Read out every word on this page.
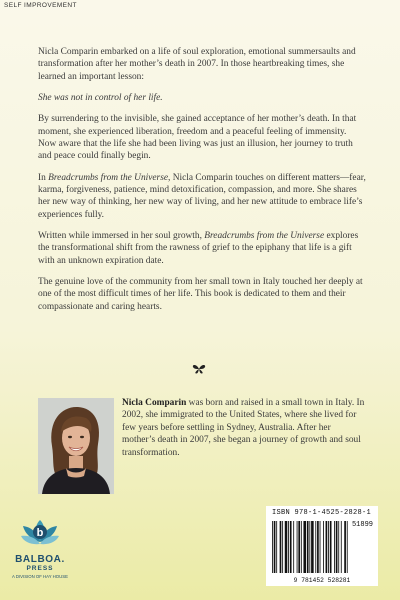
SELF IMPROVEMENT

Nicla Comparin embarked on a life of soul exploration, emotional summersaults and transformation after her mother’s death in 2007. In those heartbreaking times, she learned an important lesson:

She was not in control of her life.

By surrendering to the invisible, she gained acceptance of her mother’s death. In that moment, she experienced liberation, freedom and a peaceful feeling of immensity. Now aware that the life she had been living was just an illusion, her journey to truth and peace could finally begin.

In Breadcrumbs from the Universe, Nicla Comparin touches on different matters—fear, karma, forgiveness, patience, mind detoxification, compassion, and more. She shares her new way of thinking, her new way of living, and her new attitude to embrace life’s experiences fully.

Written while immersed in her soul growth, Breadcrumbs from the Universe explores the transformational shift from the rawness of grief to the epiphany that life is a gift with an unknown expiration date.

The genuine love of the community from her small town in Italy touched her deeply at one of the most difficult times of her life. This book is dedicated to them and their compassionate and caring hearts.

Nicla Comparin was born and raised in a small town in Italy. In 2002, she immigrated to the United States, where she lived for few years before settling in Sydney, Australia. After her mother’s death in 2007, she began a journey of growth and soul transformation.
b
BALBOA.
PRESS
A DIVISION OF HAY HOUSE
ISBN 978-1-4525-2828-1
51899
9 781452 528281
